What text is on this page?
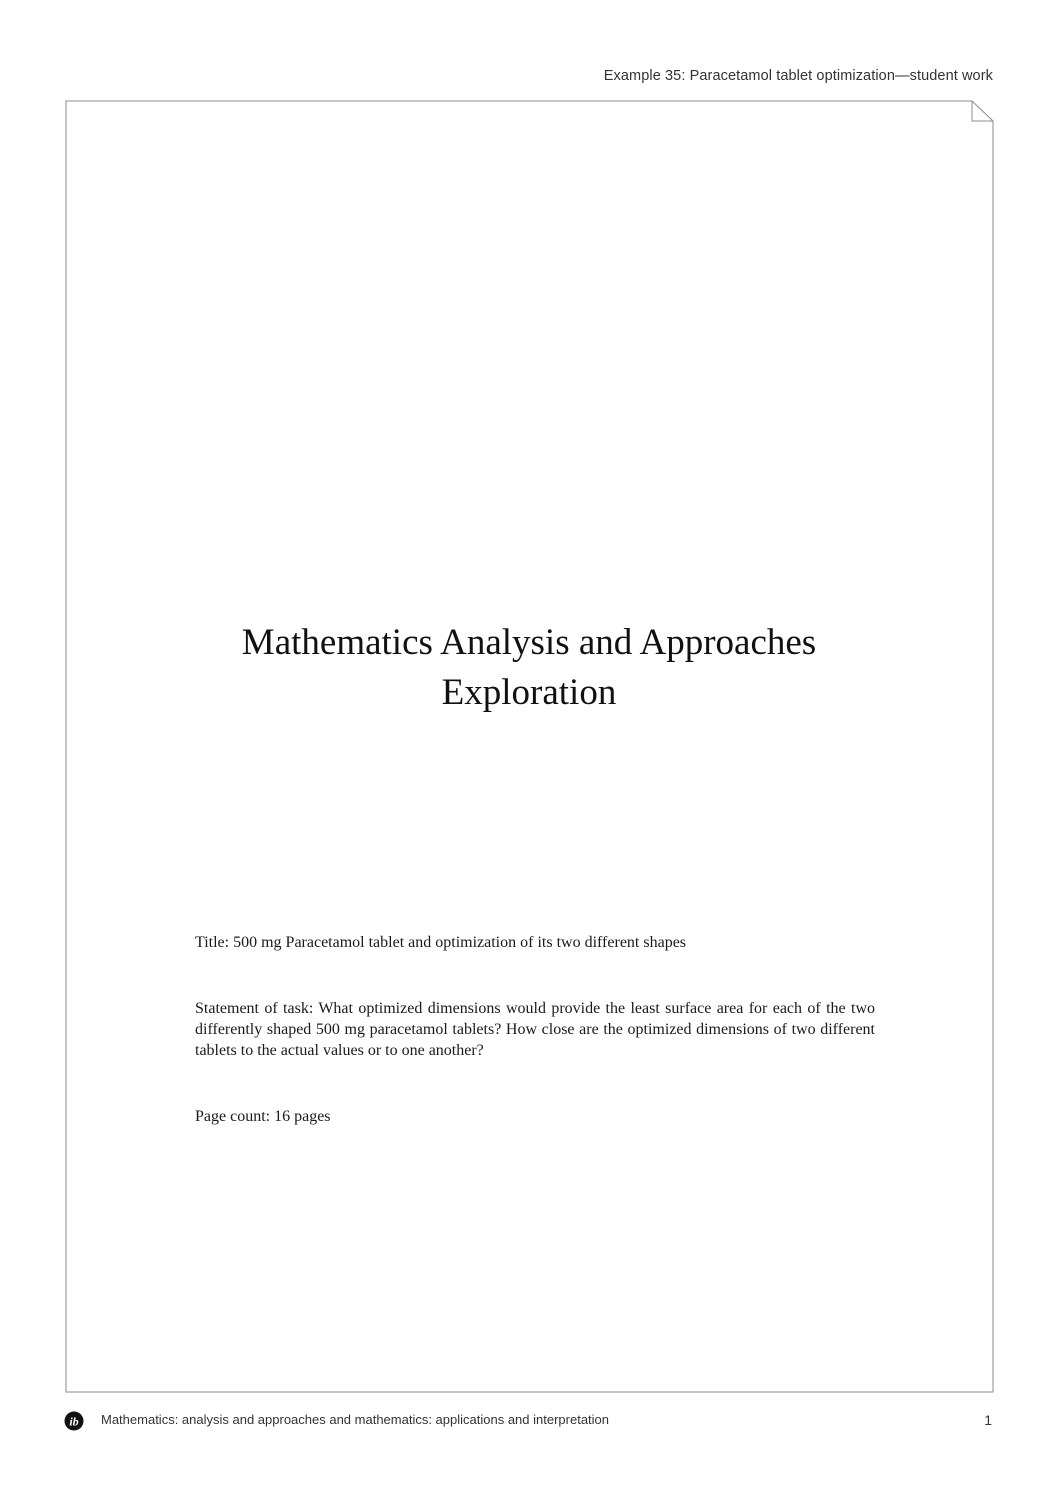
Example 35: Paracetamol tablet optimization—student work
Mathematics Analysis and Approaches
Exploration
Title: 500 mg Paracetamol tablet and optimization of its two different shapes
Statement of task: What optimized dimensions would provide the least surface area for each of the two differently shaped 500 mg paracetamol tablets? How close are the optimized dimensions of two different tablets to the actual values or to one another?
Page count: 16 pages
ib Mathematics: analysis and approaches and mathematics: applications and interpretation	1
